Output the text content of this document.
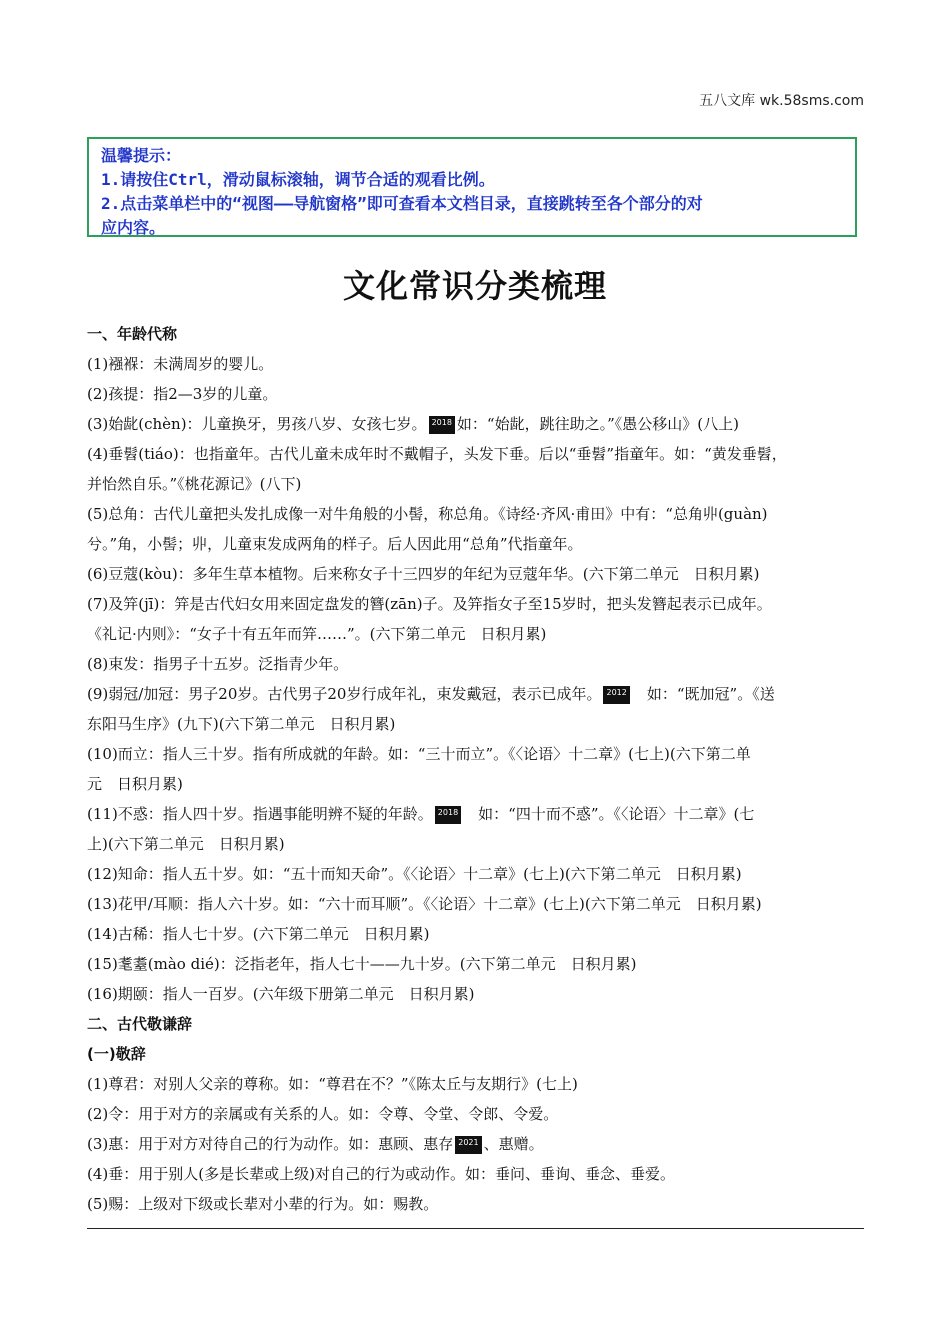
五八文库 wk.58sms.com
温馨提示：
1.请按住Ctrl，滑动鼠标滚轴，调节合适的观看比例。
2.点击菜单栏中的“视图——导航窗格”即可查看本文档目录，直接跳转至各个部分的对
应内容。
文化常识分类梳理
一、年龄代称
(1)襁褓：未满周岁的婴儿。
(2)孩提：指2—3岁的儿童。
(3)始龀(chèn)：儿童换牙，男孩八岁、女孩七岁。 2018 如：“始龀，跳往助之。”《愚公移山》(八上)
(4)垂髫(tiáo)：也指童年。古代儿童未成年时不戴帽子，头发下垂。后以“垂髫”指童年。如：“黄发垂髫，
并怡然自乐。”《桃花源记》(八下)
(5)总角：古代儿童把头发扎成像一对牛角般的小髻，称总角。《诗经·齐风·甫田》中有：“总角丱(guàn)
兮。”角，小髻；丱，儿童束发成两角的样子。后人因此用“总角”代指童年。
(6)豆蔻(kòu)：多年生草本植物。后来称女子十三四岁的年纪为豆蔻年华。(六下第二单元　日积月累)
(7)及笄(jī)：笄是古代妇女用来固定盘发的簪(zān)子。及笄指女子至15岁时，把头发簪起表示已成年。
《礼记·内则》：“女子十有五年而笄……”。(六下第二单元　日积月累)
(8)束发：指男子十五岁。泛指青少年。
(9)弱冠/加冠：男子20岁。古代男子20岁行成年礼，束发戴冠，表示已成年。 2012　 如：“既加冠”。《送
东阳马生序》(九下)(六下第二单元　日积月累)
(10)而立：指人三十岁。指有所成就的年龄。如：“三十而立”。《〈论语〉十二章》(七上)(六下第二单
元　日积月累)
(11)不惑：指人四十岁。指遇事能明辨不疑的年龄。 2018　 如：“四十而不惑”。《〈论语〉十二章》(七
上)(六下第二单元　日积月累)
(12)知命：指人五十岁。如：“五十而知天命”。《〈论语〉十二章》(七上)(六下第二单元　日积月累)
(13)花甲/耳顺：指人六十岁。如：“六十而耳顺”。《〈论语〉十二章》(七上)(六下第二单元　日积月累)
(14)古稀：指人七十岁。(六下第二单元　日积月累)
(15)耄耋(mào dié)：泛指老年，指人七十——九十岁。(六下第二单元　日积月累)
(16)期颐：指人一百岁。(六年级下册第二单元　日积月累)
二、古代敬谦辞
(一)敬辞
(1)尊君：对别人父亲的尊称。如：“尊君在不？”《陈太丘与友期行》(七上)
(2)令：用于对方的亲属或有关系的人。如：令尊、令堂、令郎、令爱。
(3)惠：用于对方对待自己的行为动作。如：惠顾、惠存 2021 、惠赠。
(4)垂：用于别人(多是长辈或上级)对自己的行为或动作。如：垂问、垂询、垂念、垂爱。
(5)赐：上级对下级或长辈对小辈的行为。如：赐教。
